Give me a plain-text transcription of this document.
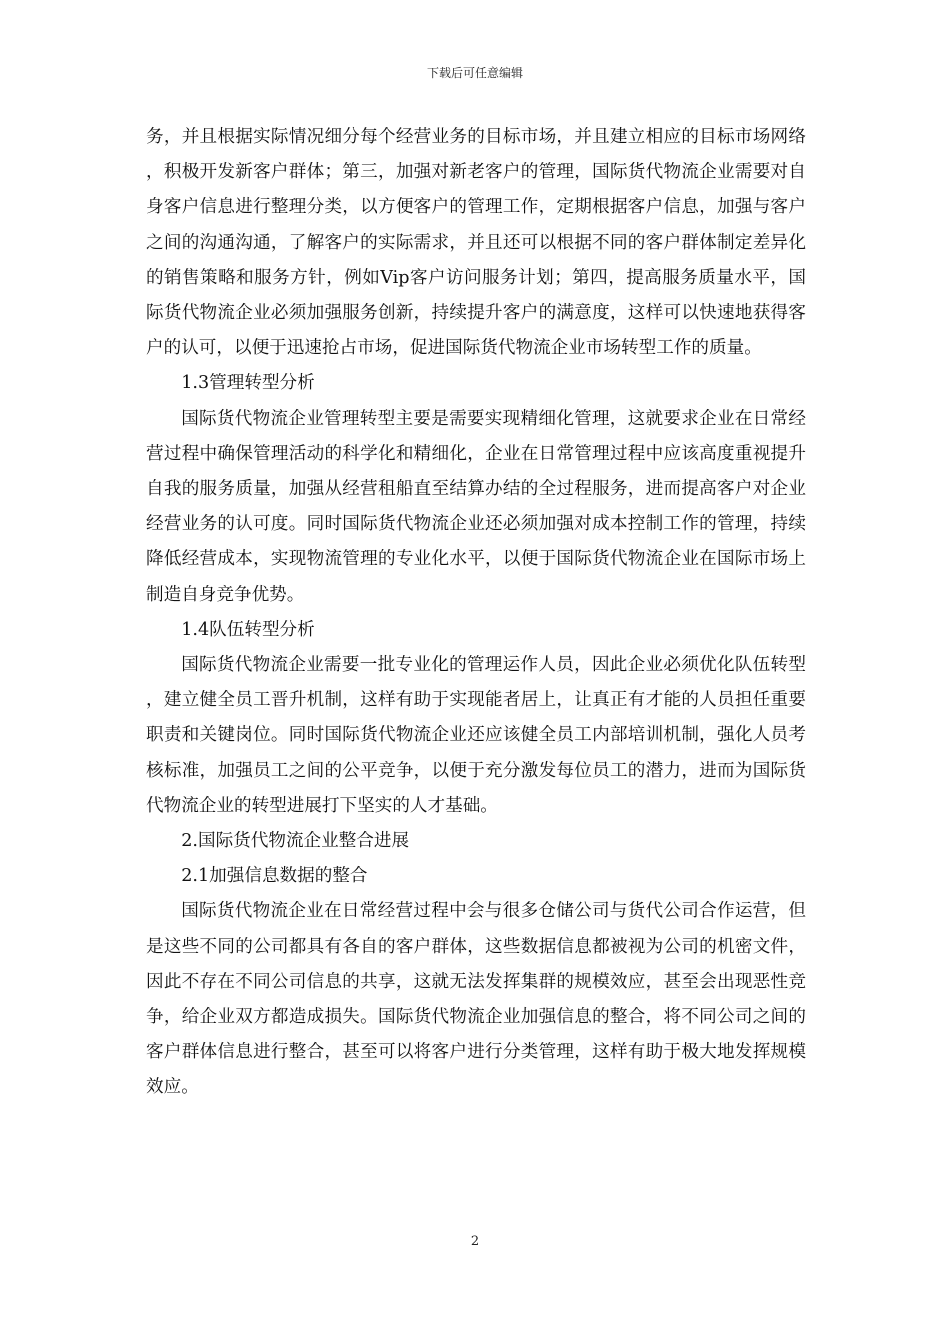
下载后可任意编辑

务，并且根据实际情况细分每个经营业务的目标市场，并且建立相应的目标市场网络，积极开发新客户群体；第三，加强对新老客户的管理，国际货代物流企业需要对自身客户信息进行整理分类，以方便客户的管理工作，定期根据客户信息，加强与客户之间的沟通沟通，了解客户的实际需求，并且还可以根据不同的客户群体制定差异化的销售策略和服务方针，例如Vip客户访问服务计划；第四，提高服务质量水平，国际货代物流企业必须加强服务创新，持续提升客户的满意度，这样可以快速地获得客户的认可，以便于迅速抢占市场，促进国际货代物流企业市场转型工作的质量。

1.3管理转型分析

国际货代物流企业管理转型主要是需要实现精细化管理，这就要求企业在日常经营过程中确保管理活动的科学化和精细化，企业在日常管理过程中应该高度重视提升自我的服务质量，加强从经营租船直至结算办结的全过程服务，进而提高客户对企业经营业务的认可度。同时国际货代物流企业还必须加强对成本控制工作的管理，持续降低经营成本，实现物流管理的专业化水平，以便于国际货代物流企业在国际市场上制造自身竞争优势。

1.4队伍转型分析

国际货代物流企业需要一批专业化的管理运作人员，因此企业必须优化队伍转型，建立健全员工晋升机制，这样有助于实现能者居上，让真正有才能的人员担任重要职责和关键岗位。同时国际货代物流企业还应该健全员工内部培训机制，强化人员考核标准，加强员工之间的公平竞争，以便于充分激发每位员工的潜力，进而为国际货代物流企业的转型进展打下坚实的人才基础。

2.国际货代物流企业整合进展

2.1加强信息数据的整合

国际货代物流企业在日常经营过程中会与很多仓储公司与货代公司合作运营，但是这些不同的公司都具有各自的客户群体，这些数据信息都被视为公司的机密文件，因此不存在不同公司信息的共享，这就无法发挥集群的规模效应，甚至会出现恶性竞争，给企业双方都造成损失。国际货代物流企业加强信息的整合，将不同公司之间的客户群体信息进行整合，甚至可以将客户进行分类管理，这样有助于极大地发挥规模效应。

2
